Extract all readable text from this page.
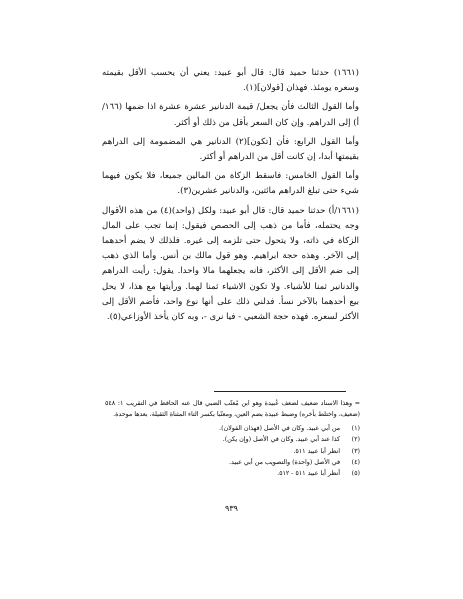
(١٦٦١) حدثنا حميد قال: قال أبو عبيد: يعني أن يحسب الأقل بقيمته وسعره يومئذ. فهذان [قولان](١).

وأما القول الثالث فأن يجعل/ قيمة الدنانير عشرة عشرة اذا ضمها (١٦٦/أ) إلى الدراهم. وإن كان السعر بأقل من ذلك أو أكثر.

وأما القول الرابع: فأن [تكون](٢) الدنانير هي المضمومة إلى الدراهم بقيمتها أبدا، إن كانت أقل من الدراهم أو أكثر.

وأما القول الخامس: فاسقط الزكاة من المالين جميعا، فلا يكون فيهما شيء حتى تبلغ الدراهم مائتين، والدنانير عشرين(٣).

(١٦٦١/أ) حدثنا حميد قال: قال أبو عبيد: ولكل (واحد)(٤) من هذه الأقوال وجه يحتمله، فأما من ذهب إلى الحصص فيقول: إنما تجب على المال الزكاة في ذاته، ولا يتحول حتى تلزمه إلى غيره. فلذلك لا يضم أحدهما إلى الآخر. وهذه حجة ابراهيم. وهو قول مالك بن أنس. وأما الذي ذهب إلى ضم الأقل إلى الأكثر، فانه يجعلهما مالا واحدا. يقول: رأيت الدراهم والدنانير ثمنا للأشياء. ولا تكون الاشياء ثمنا لهما. ورأيتها مع هذا، لا يحل بيع أحدهما بالآخر نسأ. فدلني ذلك على أنها نوع واحد، فأضم الأقل إلى الأكثر لسعره. فهذه حجة الشعبي - فيا نرى -، وبه كان يأخذ الأوزاعي(٥).

= وهذا الاسناد ضعيف لضعف عُبيدة وهو ابن مُعتّب الضبي قال عنه الحافظ في التقريب ١: ٥٤٨ (ضعيف، واختلط بأخره) وضبط عبيدة بضم العين، ومعتّبا بكسر التاء المثناة الثقيلة، بعدها موحدة.

(١)
من أبي عبيد. وكان في الأصل (فهذان القولان).
(٢)
كذا عند أبي عبيد. وكان في الأصل (وإن يكن).
(٣)
انظر أبا عبيد ٥١١.
(٤)
في الأصل (واحدة) والتصويب من أبي عبيد.
(٥)
أنظر أبا عبيد ٥١١ - ٥١٢.
٩٣٩
